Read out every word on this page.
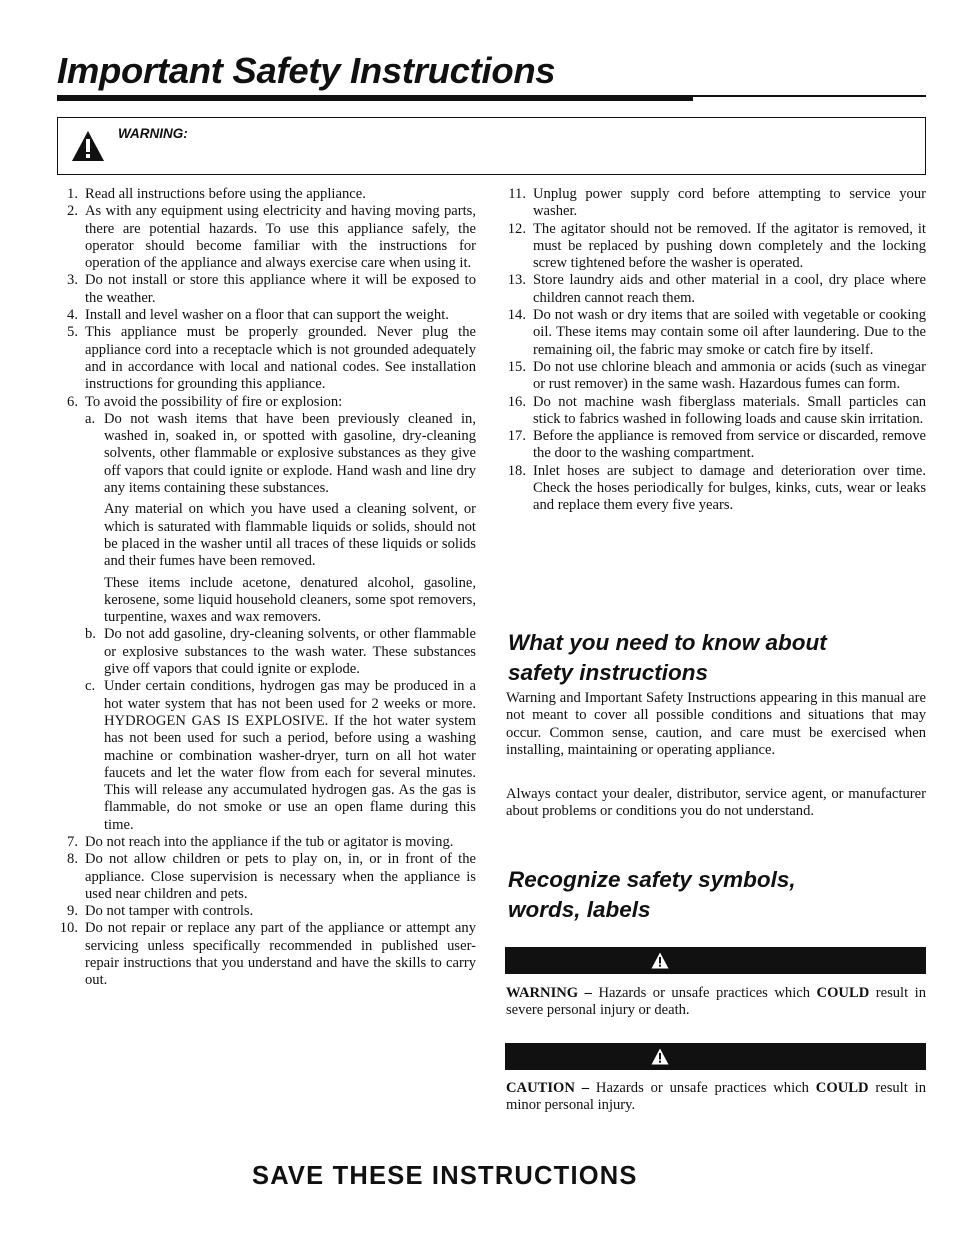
Important Safety Instructions
WARNING:
1. Read all instructions before using the appliance.
2. As with any equipment using electricity and having moving parts, there are potential hazards. To use this appliance safely, the operator should become familiar with the instructions for operation of the appliance and always exercise care when using it.
3. Do not install or store this appliance where it will be exposed to the weather.
4. Install and level washer on a floor that can support the weight.
5. This appliance must be properly grounded. Never plug the appliance cord into a receptacle which is not grounded adequately and in accordance with local and national codes. See installation instructions for grounding this appliance.
6. To avoid the possibility of fire or explosion:
a. Do not wash items that have been previously cleaned in, washed in, soaked in, or spotted with gasoline, dry-cleaning solvents, other flammable or explosive substances as they give off vapors that could ignite or explode. Hand wash and line dry any items containing these substances.
Any material on which you have used a cleaning solvent, or which is saturated with flammable liquids or solids, should not be placed in the washer until all traces of these liquids or solids and their fumes have been removed.
These items include acetone, denatured alcohol, gasoline, kerosene, some liquid household cleaners, some spot removers, turpentine, waxes and wax removers.
b. Do not add gasoline, dry-cleaning solvents, or other flammable or explosive substances to the wash water. These substances give off vapors that could ignite or explode.
c. Under certain conditions, hydrogen gas may be produced in a hot water system that has not been used for 2 weeks or more. HYDROGEN GAS IS EXPLOSIVE. If the hot water system has not been used for such a period, before using a washing machine or combination washer-dryer, turn on all hot water faucets and let the water flow from each for several minutes. This will release any accumulated hydrogen gas. As the gas is flammable, do not smoke or use an open flame during this time.
7. Do not reach into the appliance if the tub or agitator is moving.
8. Do not allow children or pets to play on, in, or in front of the appliance. Close supervision is necessary when the appliance is used near children and pets.
9. Do not tamper with controls.
10. Do not repair or replace any part of the appliance or attempt any servicing unless specifically recommended in published user-repair instructions that you understand and have the skills to carry out.
11. Unplug power supply cord before attempting to service your washer.
12. The agitator should not be removed. If the agitator is removed, it must be replaced by pushing down completely and the locking screw tightened before the washer is operated.
13. Store laundry aids and other material in a cool, dry place where children cannot reach them.
14. Do not wash or dry items that are soiled with vegetable or cooking oil. These items may contain some oil after laundering. Due to the remaining oil, the fabric may smoke or catch fire by itself.
15. Do not use chlorine bleach and ammonia or acids (such as vinegar or rust remover) in the same wash. Hazardous fumes can form.
16. Do not machine wash fiberglass materials. Small particles can stick to fabrics washed in following loads and cause skin irritation.
17. Before the appliance is removed from service or discarded, remove the door to the washing compartment.
18. Inlet hoses are subject to damage and deterioration over time. Check the hoses periodically for bulges, kinks, cuts, wear or leaks and replace them every five years.
What you need to know about
safety instructions
Warning and Important Safety Instructions appearing in this manual are not meant to cover all possible conditions and situations that may occur. Common sense, caution, and care must be exercised when installing, maintaining or operating appliance.
Always contact your dealer, distributor, service agent, or manufacturer about problems or conditions you do not understand.
Recognize safety symbols,
words, labels
WARNING – Hazards or unsafe practices which COULD result in severe personal injury or death.
CAUTION – Hazards or unsafe practices which COULD result in minor personal injury.
SAVE THESE INSTRUCTIONS
